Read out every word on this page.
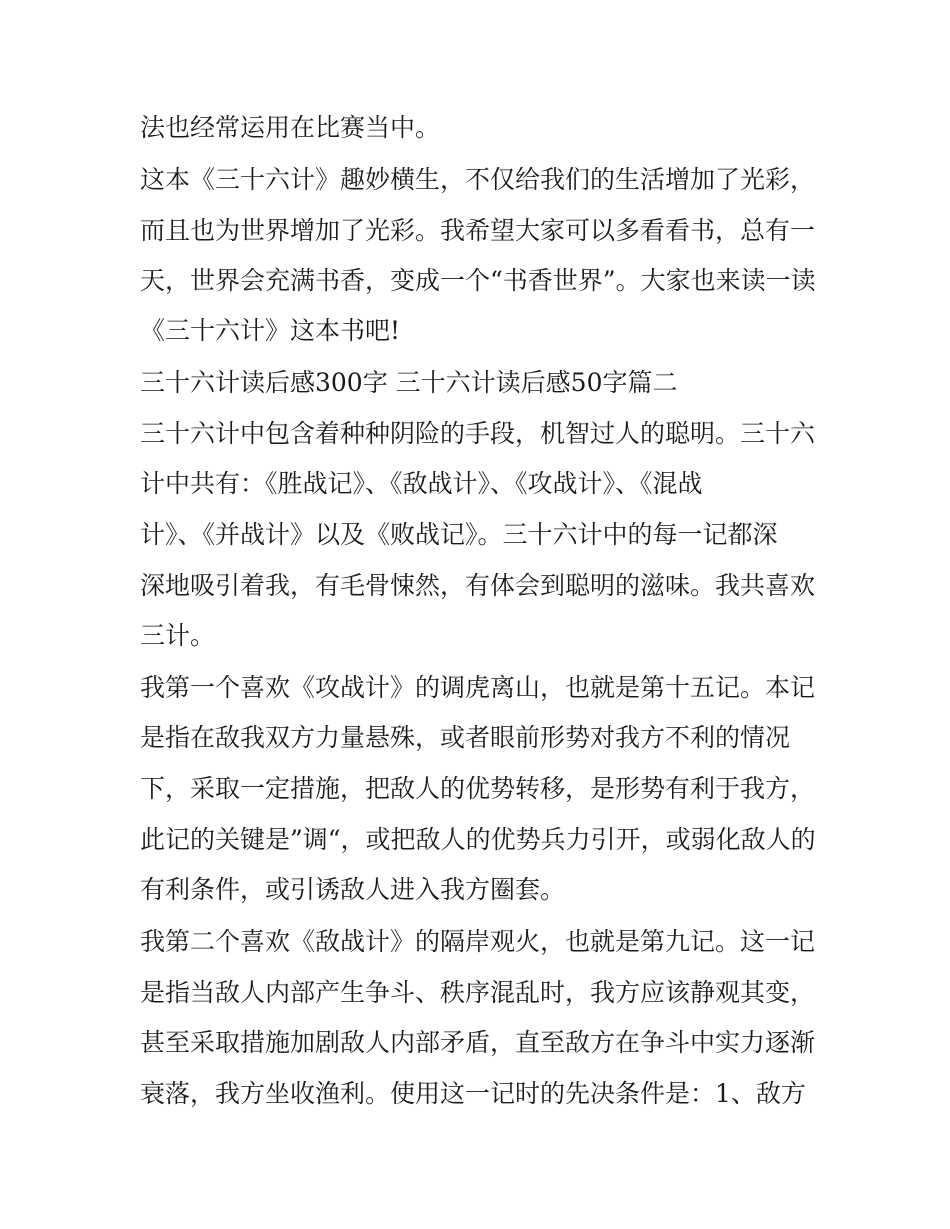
法也经常运用在比赛当中。
这本《三十六计》趣妙横生，不仅给我们的生活增加了光彩，
而且也为世界增加了光彩。我希望大家可以多看看书，总有一
天，世界会充满书香，变成一个“书香世界”。大家也来读一读
《三十六计》这本书吧!
三十六计读后感300字 三十六计读后感50字篇二
三十六计中包含着种种阴险的手段，机智过人的聪明。三十六
计中共有：《胜战记》、《敌战计》、《攻战计》、《混战
计》、《并战计》以及《败战记》。三十六计中的每一记都深
深地吸引着我，有毛骨悚然，有体会到聪明的滋味。我共喜欢
三计。
我第一个喜欢《攻战计》的调虎离山，也就是第十五记。本记
是指在敌我双方力量悬殊，或者眼前形势对我方不利的情况
下，采取一定措施，把敌人的优势转移，是形势有利于我方，
此记的关键是”调“，或把敌人的优势兵力引开，或弱化敌人的
有利条件，或引诱敌人进入我方圈套。
我第二个喜欢《敌战计》的隔岸观火，也就是第九记。这一记
是指当敌人内部产生争斗、秩序混乱时，我方应该静观其变，
甚至采取措施加剧敌人内部矛盾，直至敌方在争斗中实力逐渐
衰落，我方坐收渔利。使用这一记时的先决条件是：1、敌方
